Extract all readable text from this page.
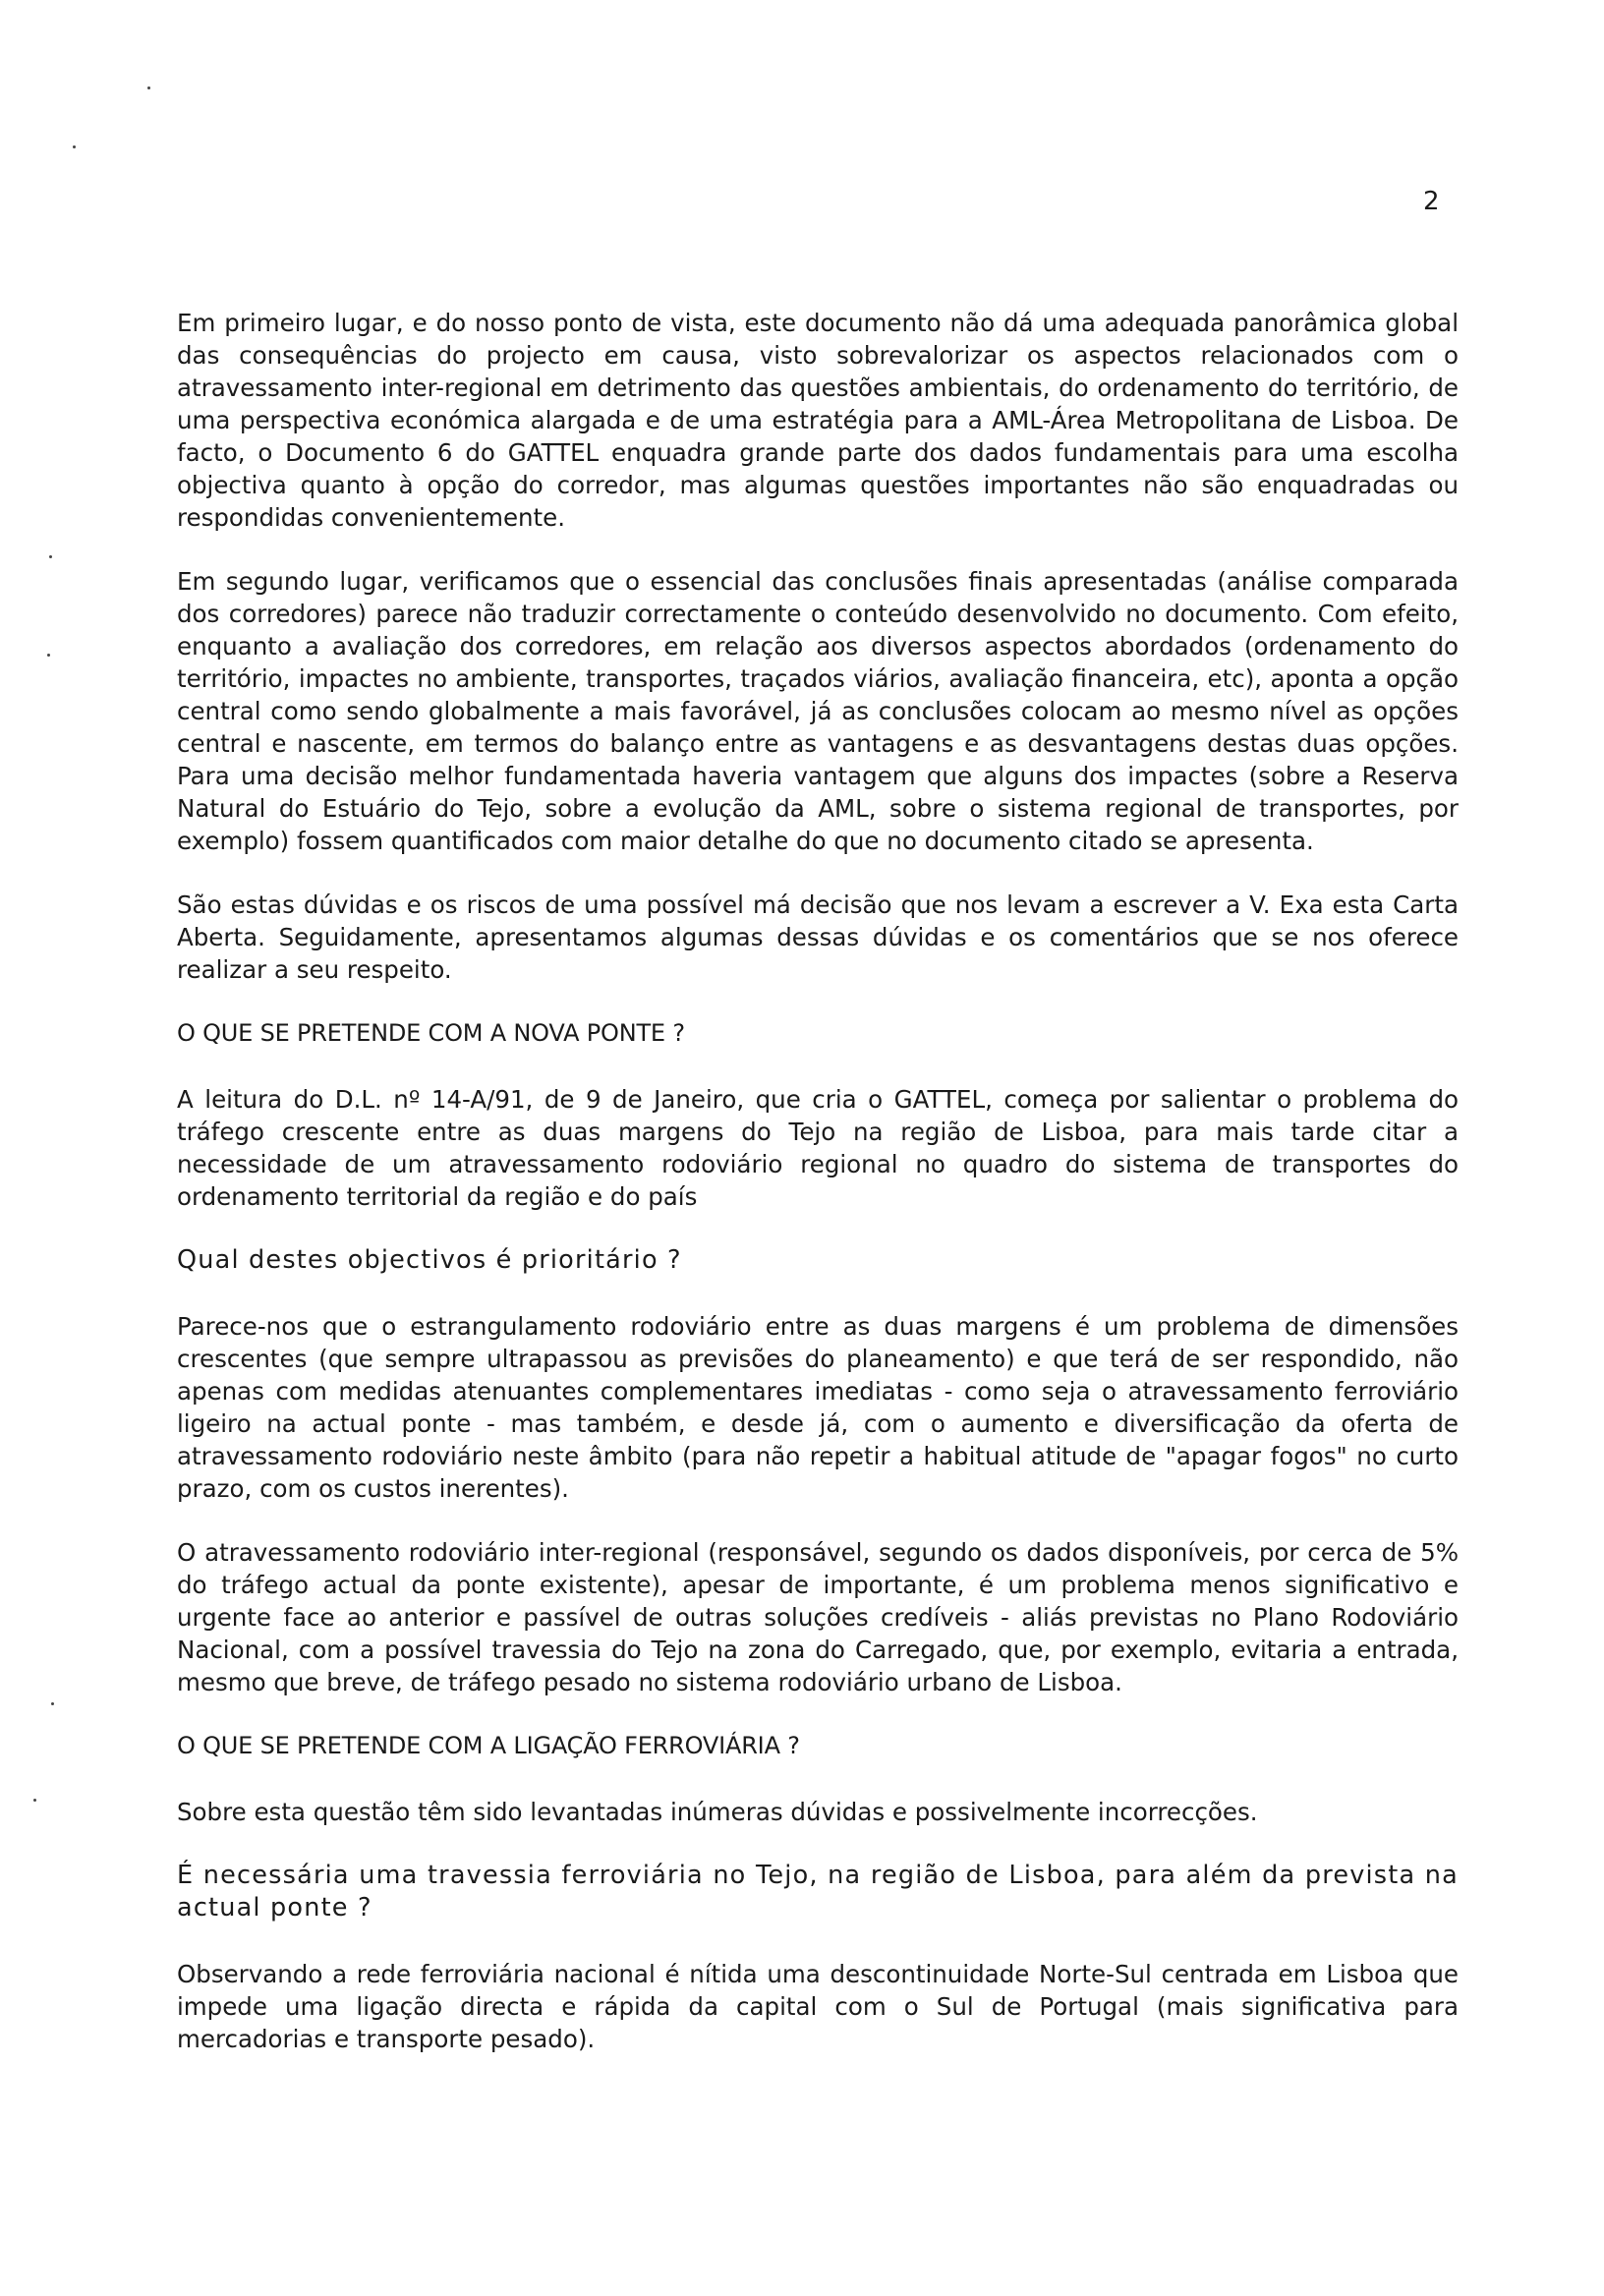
2

Em primeiro lugar, e do nosso ponto de vista, este documento não dá uma adequada panorâmica global das consequências do projecto em causa, visto sobrevalorizar os aspectos relacionados com o atravessamento inter-regional em detrimento das questões ambientais, do ordenamento do território, de uma perspectiva económica alargada e de uma estratégia para a AML-Área Metropolitana de Lisboa. De facto, o Documento 6 do GATTEL enquadra grande parte dos dados fundamentais para uma escolha objectiva quanto à opção do corredor, mas algumas questões importantes não são enquadradas ou respondidas convenientemente.

Em segundo lugar, verificamos que o essencial das conclusões finais apresentadas (análise comparada dos corredores) parece não traduzir correctamente o conteúdo desenvolvido no documento. Com efeito, enquanto a avaliação dos corredores, em relação aos diversos aspectos abordados (ordenamento do território, impactes no ambiente, transportes, traçados viários, avaliação financeira, etc), aponta a opção central como sendo globalmente a mais favorável, já as conclusões colocam ao mesmo nível as opções central e nascente, em termos do balanço entre as vantagens e as desvantagens destas duas opções. Para uma decisão melhor fundamentada haveria vantagem que alguns dos impactes (sobre a Reserva Natural do Estuário do Tejo, sobre a evolução da AML, sobre o sistema regional de transportes, por exemplo) fossem quantificados com maior detalhe do que no documento citado se apresenta.

São estas dúvidas e os riscos de uma possível má decisão que nos levam a escrever a V. Exa esta Carta Aberta. Seguidamente, apresentamos algumas dessas dúvidas e os comentários que se nos oferece realizar a seu respeito.

O QUE SE PRETENDE COM A NOVA PONTE ?

A leitura do D.L. nº 14-A/91, de 9 de Janeiro, que cria o GATTEL, começa por salientar o problema do tráfego crescente entre as duas margens do Tejo na região de Lisboa, para mais tarde citar a necessidade de um atravessamento rodoviário regional no quadro do sistema de transportes do ordenamento territorial da região e do país

Qual destes objectivos é prioritário ?

Parece-nos que o estrangulamento rodoviário entre as duas margens é um problema de dimensões crescentes (que sempre ultrapassou as previsões do planeamento) e que terá de ser respondido, não apenas com medidas atenuantes complementares imediatas - como seja o atravessamento ferroviário ligeiro na actual ponte - mas também, e desde já, com o aumento e diversificação da oferta de atravessamento rodoviário neste âmbito (para não repetir a habitual atitude de "apagar fogos" no curto prazo, com os custos inerentes).

O atravessamento rodoviário inter-regional (responsável, segundo os dados disponíveis, por cerca de 5% do tráfego actual da ponte existente), apesar de importante, é um problema menos significativo e urgente face ao anterior e passível de outras soluções credíveis - aliás previstas no Plano Rodoviário Nacional, com a possível travessia do Tejo na zona do Carregado, que, por exemplo, evitaria a entrada, mesmo que breve, de tráfego pesado no sistema rodoviário urbano de Lisboa.

O QUE SE PRETENDE COM A LIGAÇÃO FERROVIÁRIA ?

Sobre esta questão têm sido levantadas inúmeras dúvidas e possivelmente incorrecções.

É necessária uma travessia ferroviária no Tejo, na região de Lisboa, para além da prevista na actual ponte ?

Observando a rede ferroviária nacional é nítida uma descontinuidade Norte-Sul centrada em Lisboa que impede uma ligação directa e rápida da capital com o Sul de Portugal (mais significativa para mercadorias e transporte pesado).
